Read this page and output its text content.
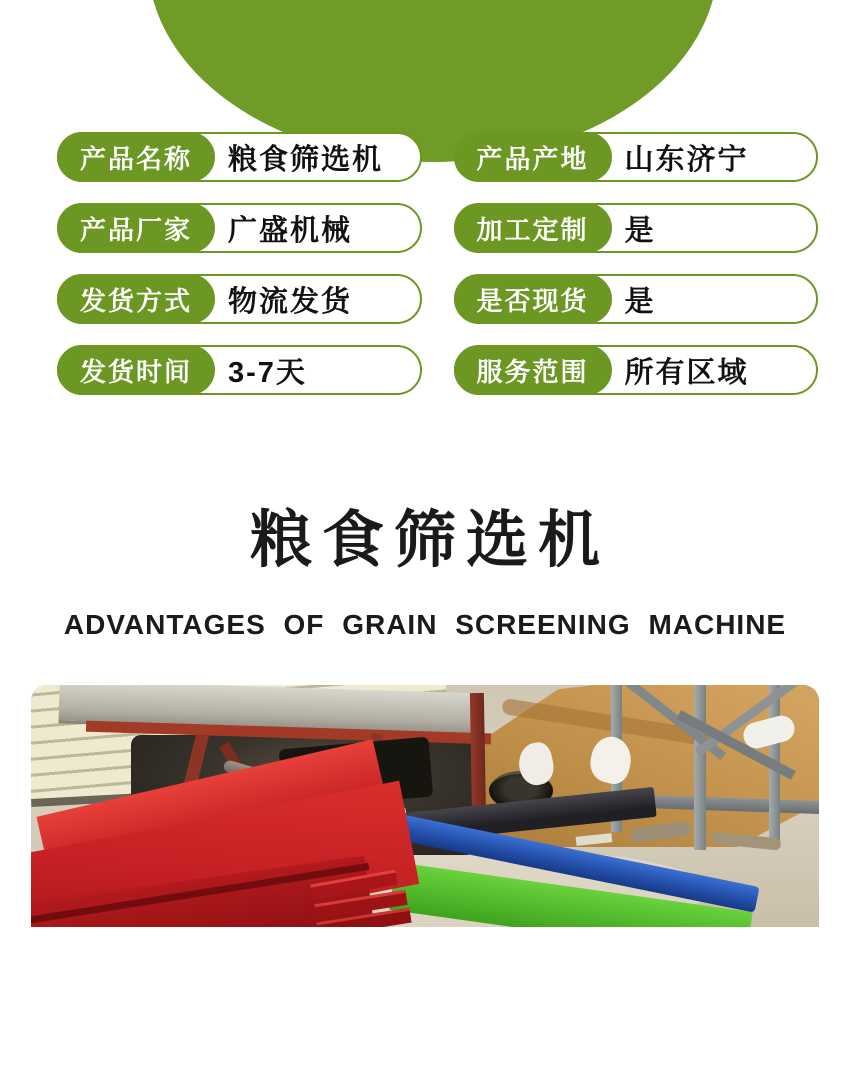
产品名称	粮食筛选机	产品产地	山东济宁
产品厂家	广盛机械	加工定制	是
发货方式	物流发货	是否现货	是
发货时间	3-7天	服务范围	所有区域
粮食筛选机
ADVANTAGES OF GRAIN SCREENING MACHINE
